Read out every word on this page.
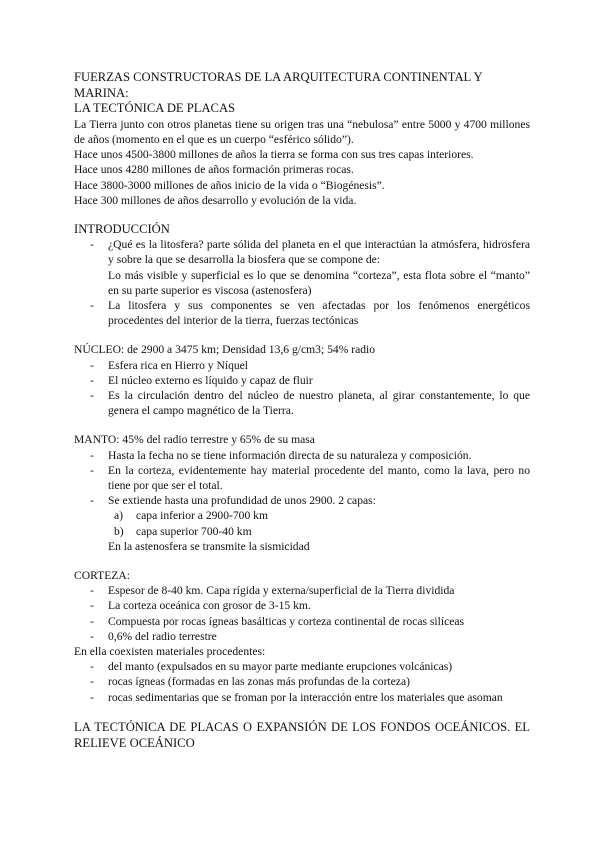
FUERZAS CONSTRUCTORAS DE LA ARQUITECTURA CONTINENTAL Y MARINA:

LA TECTÓNICA DE PLACAS

La Tierra junto con otros planetas tiene su origen tras una “nebulosa” entre 5000 y 4700 millones de años (momento en el que es un cuerpo “esférico sólido”).

Hace unos 4500-3800 millones de años la tierra se forma con sus tres capas interiores.

Hace unos 4280 millones de años formación primeras rocas.

Hace 3800-3000 millones de años inicio de la vida o “Biogénesis”.

Hace 300 millones de años desarrollo y evolución de la vida.

INTRODUCCIÓN

- ¿Qué es la litosfera? parte sólida del planeta en el que interactúan la atmósfera, hidrosfera y sobre la que se desarrolla la biosfera que se compone de:
Lo más visible y superficial es lo que se denomina “corteza”, esta flota sobre el “manto” en su parte superior es viscosa (astenosfera)
- La litosfera y sus componentes se ven afectadas por los fenómenos energéticos procedentes del interior de la tierra, fuerzas tectónicas

NÚCLEO: de 2900 a 3475 km; Densidad 13,6 g/cm3; 54% radio

- Esfera rica en Hierro y Níquel
- El núcleo externo es líquido y capaz de fluir
- Es la circulación dentro del núcleo de nuestro planeta, al girar constantemente, lo que genera el campo magnético de la Tierra.

MANTO: 45% del radio terrestre y 65% de su masa

- Hasta la fecha no se tiene información directa de su naturaleza y composición.
- En la corteza, evidentemente hay material procedente del manto, como la lava, pero no tiene por que ser el total.
- Se extiende hasta una profundidad de unos 2900. 2 capas:
a) capa inferior a 2900-700 km
b) capa superior 700-40 km

En la astenosfera se transmite la sismicidad

CORTEZA:

- Espesor de 8-40 km. Capa rígida y externa/superficial de la Tierra dividida
- La corteza oceánica con grosor de 3-15 km.
- Compuesta por rocas ígneas basálticas y corteza continental de rocas silíceas
- 0,6% del radio terrestre

En ella coexisten materiales procedentes:

- del manto (expulsados en su mayor parte mediante erupciones volcánicas)
- rocas ígneas (formadas en las zonas más profundas de la corteza)
- rocas sedimentarias que se froman por la interacción entre los materiales que asoman

LA TECTÓNICA DE PLACAS O EXPANSIÓN DE LOS FONDOS OCEÁNICOS. EL RELIEVE OCEÁNICO
